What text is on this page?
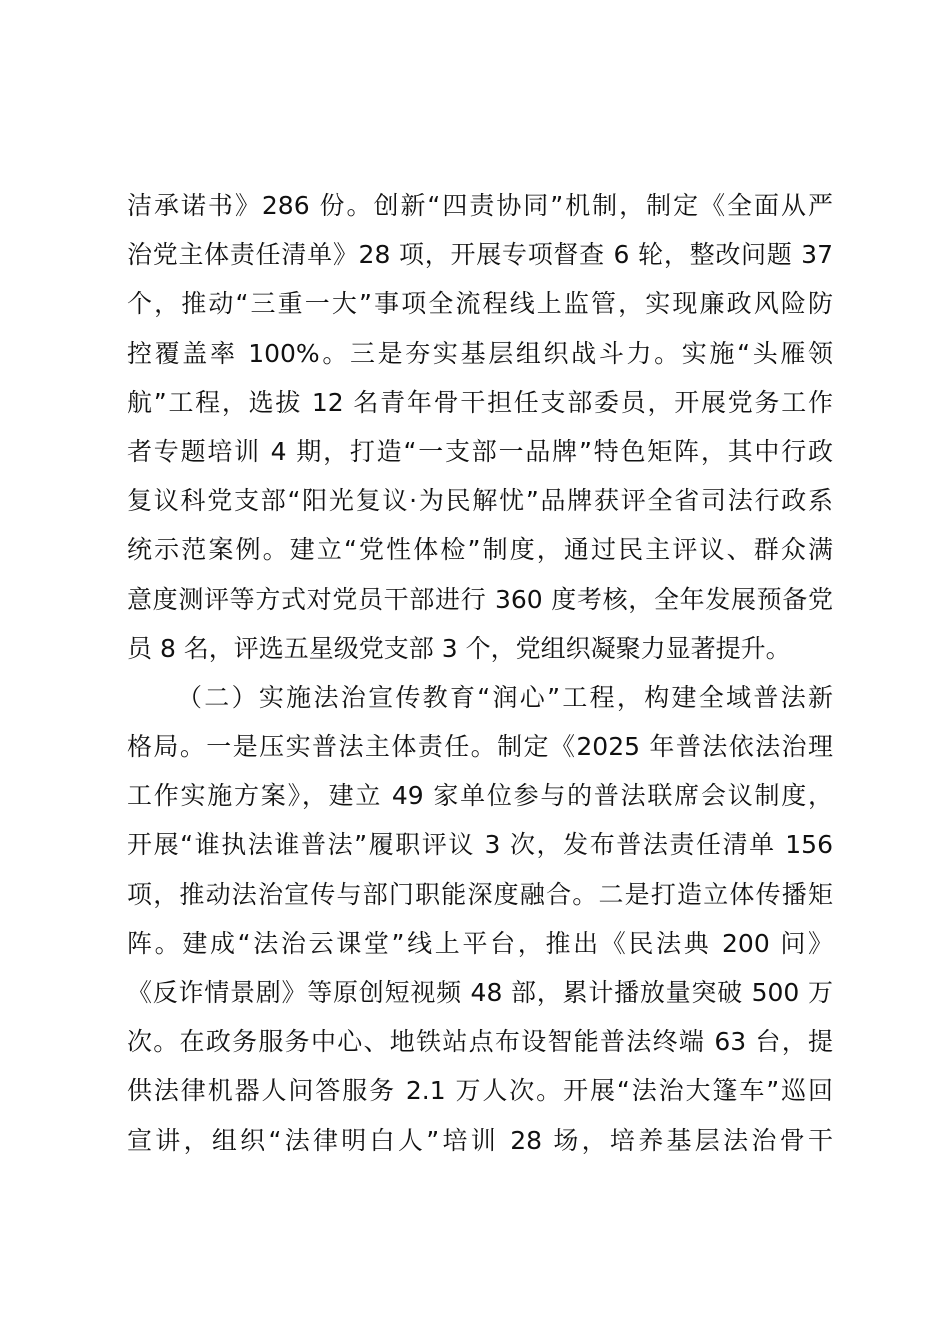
洁承诺书》286 份。创新“四责协同”机制，制定《全面从严
治党主体责任清单》28 项，开展专项督查 6 轮，整改问题 37
个，推动“三重一大”事项全流程线上监管，实现廉政风险防
控覆盖率 100%。三是夯实基层组织战斗力。实施“头雁领
航”工程，选拔 12 名青年骨干担任支部委员，开展党务工作
者专题培训 4 期，打造“一支部一品牌”特色矩阵，其中行政
复议科党支部“阳光复议·为民解忧”品牌获评全省司法行政系
统示范案例。建立“党性体检”制度，通过民主评议、群众满
意度测评等方式对党员干部进行 360 度考核，全年发展预备党
员 8 名，评选五星级党支部 3 个，党组织凝聚力显著提升。
（二）实施法治宣传教育“润心”工程，构建全域普法新
格局。一是压实普法主体责任。制定《2025 年普法依法治理
工作实施方案》，建立 49 家单位参与的普法联席会议制度，
开展“谁执法谁普法”履职评议 3 次，发布普法责任清单 156
项，推动法治宣传与部门职能深度融合。二是打造立体传播矩
阵。建成“法治云课堂”线上平台，推出《民法典 200 问》
《反诈情景剧》等原创短视频 48 部，累计播放量突破 500 万
次。在政务服务中心、地铁站点布设智能普法终端 63 台，提
供法律机器人问答服务 2.1 万人次。开展“法治大篷车”巡回
宣讲，组织“法律明白人”培训 28 场，培养基层法治骨干
